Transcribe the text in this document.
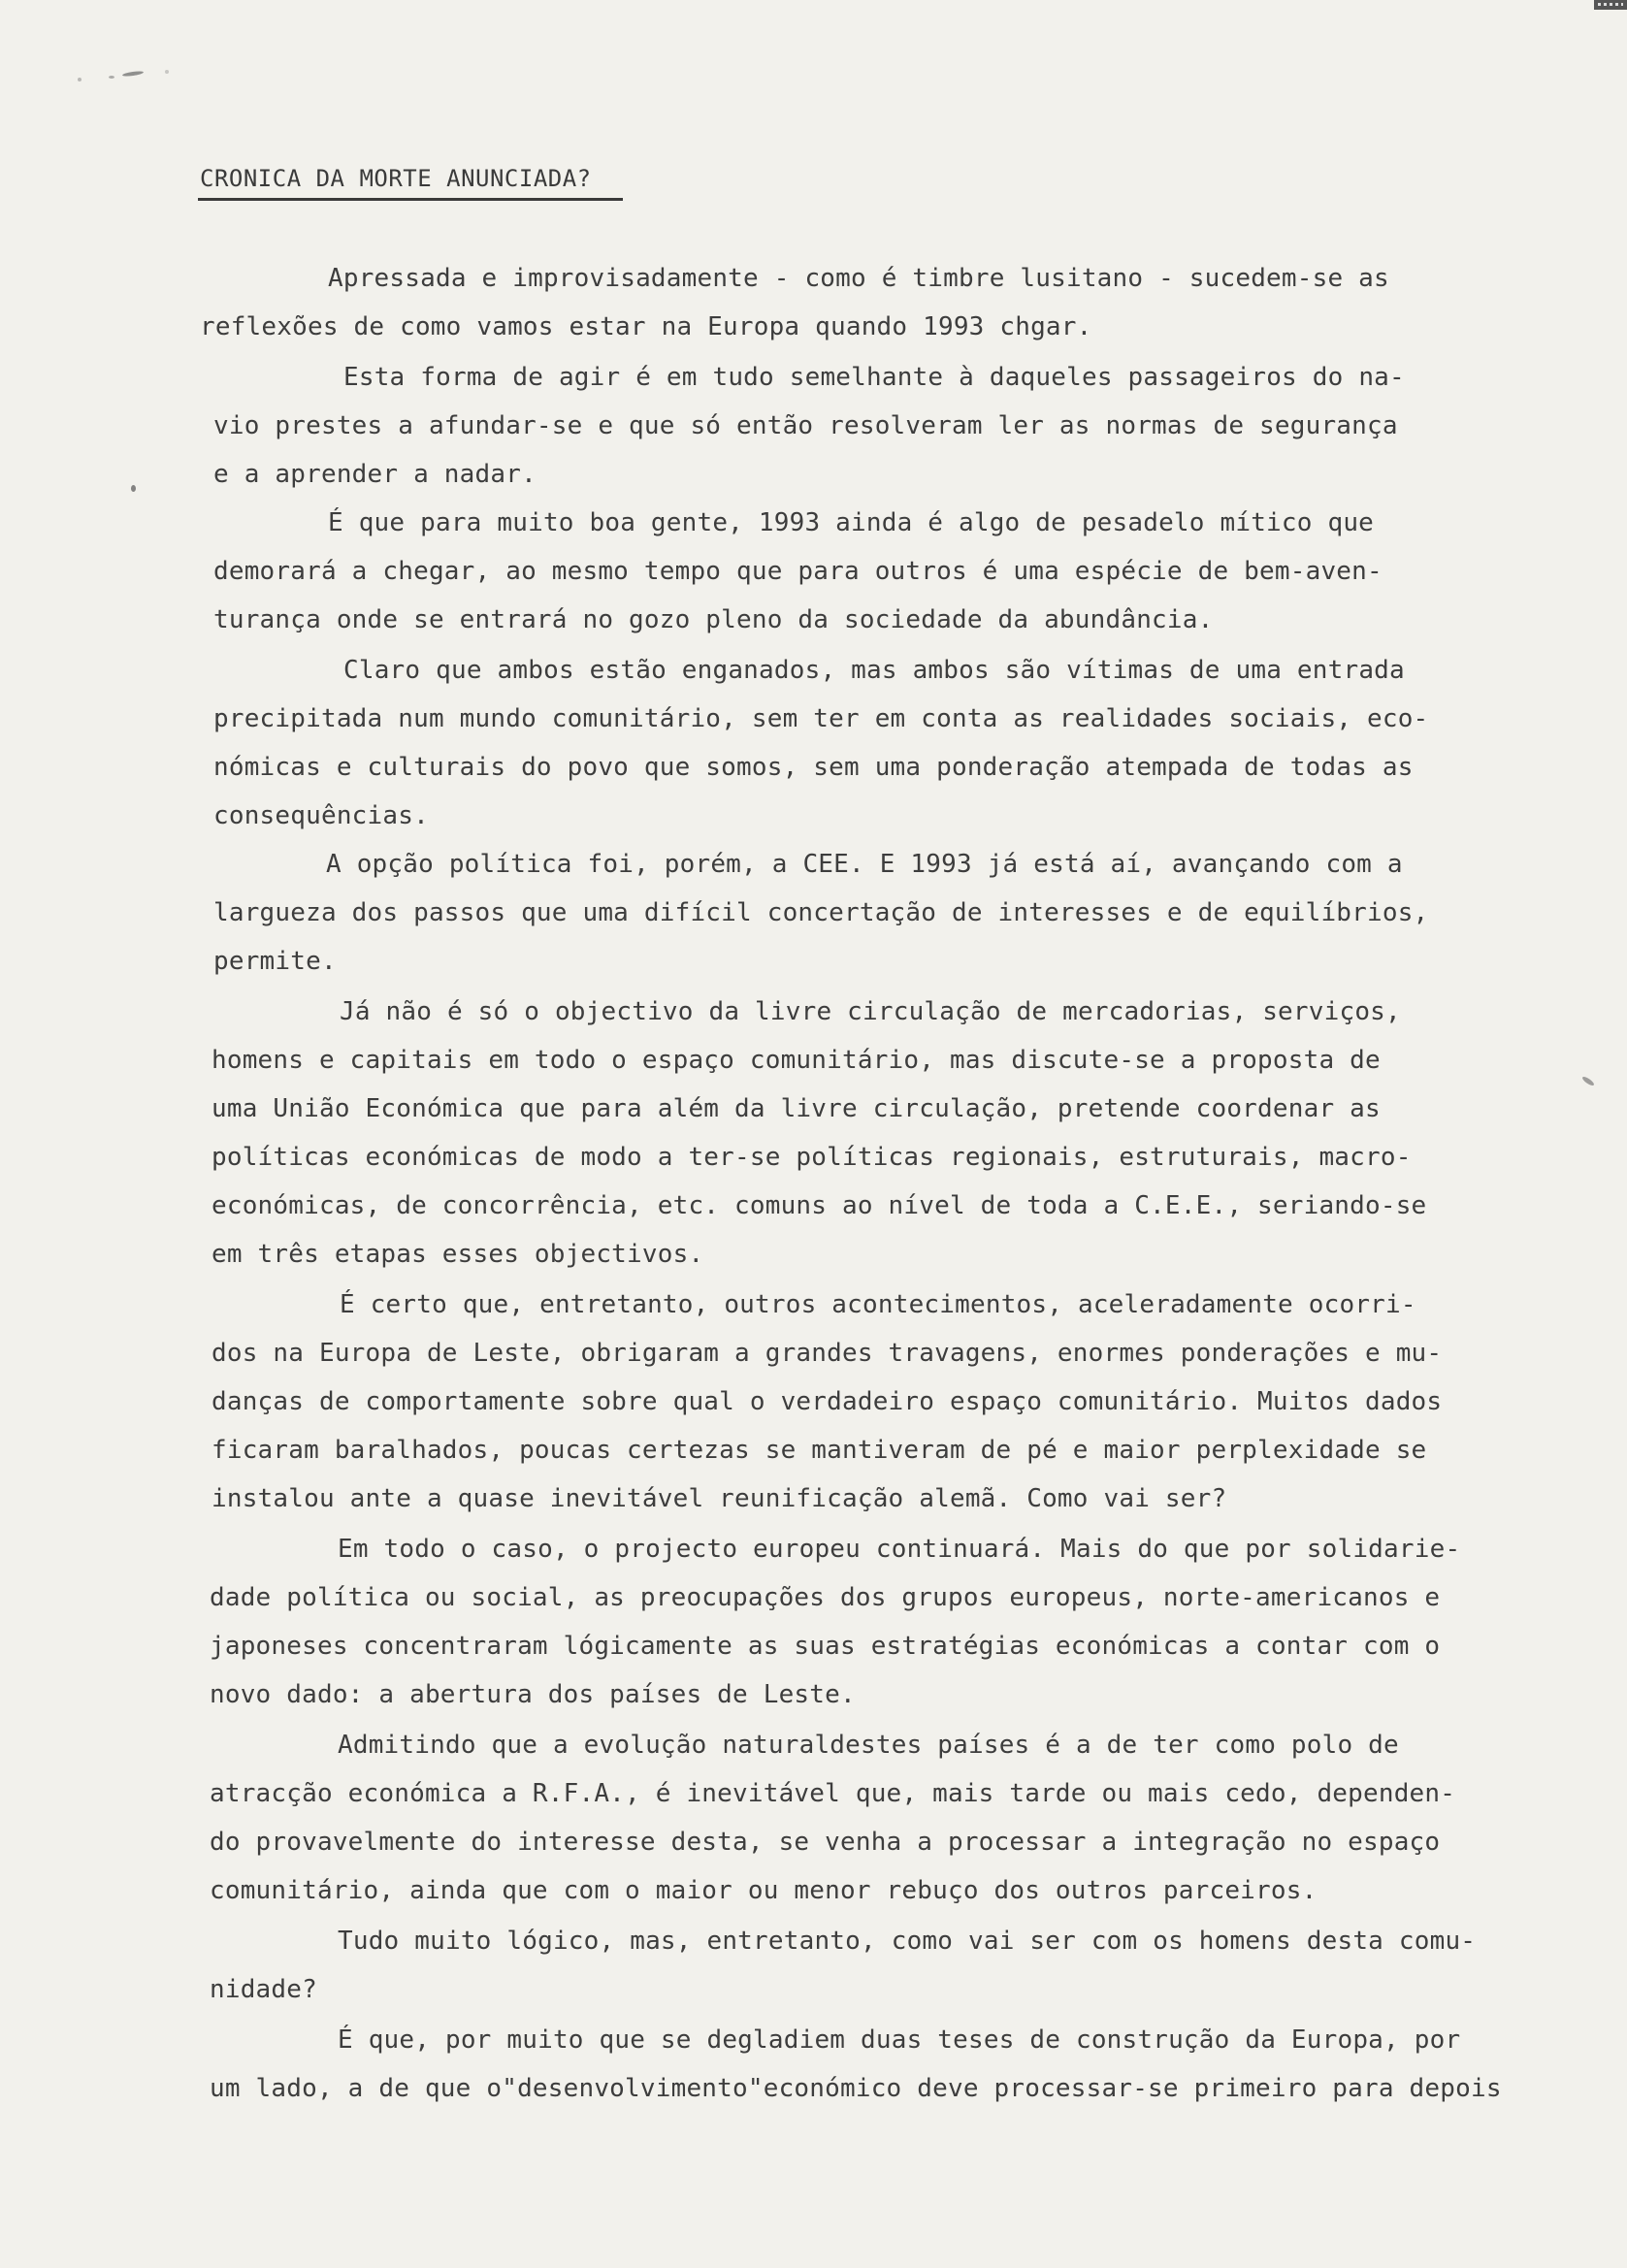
CRONICA DA MORTE ANUNCIADA?
Apressada e improvisadamente - como é timbre lusitano - sucedem-se as
reflexões de como vamos estar na Europa quando 1993 chgar.
Esta forma de agir é em tudo semelhante à daqueles passageiros do na-
vio prestes a afundar-se e que só então resolveram ler as normas de segurança
e a aprender a nadar.
É que para muito boa gente, 1993 ainda é algo de pesadelo mítico que
demorará a chegar, ao mesmo tempo que para outros é uma espécie de bem-aven-
turança onde se entrará no gozo pleno da sociedade da abundância.
Claro que ambos estão enganados, mas ambos são vítimas de uma entrada
precipitada num mundo comunitário, sem ter em conta as realidades sociais, eco-
nómicas e culturais do povo que somos, sem uma ponderação atempada de todas as
consequências.
A opção política foi, porém, a CEE. E 1993 já está aí, avançando com a
largueza dos passos que uma difícil concertação de interesses e de equilíbrios,
permite.
Já não é só o objectivo da livre circulação de mercadorias, serviços,
homens e capitais em todo o espaço comunitário, mas discute-se a proposta de
uma União Económica que para além da livre circulação, pretende coordenar as
políticas económicas de modo a ter-se políticas regionais, estruturais, macro-
económicas, de concorrência, etc. comuns ao nível de toda a C.E.E., seriando-se
em três etapas esses objectivos.
É certo que, entretanto, outros acontecimentos, aceleradamente ocorri-
dos na Europa de Leste, obrigaram a grandes travagens, enormes ponderações e mu-
danças de comportamente sobre qual o verdadeiro espaço comunitário. Muitos dados
ficaram baralhados, poucas certezas se mantiveram de pé e maior perplexidade se
instalou ante a quase inevitável reunificação alemã. Como vai ser?
Em todo o caso, o projecto europeu continuará. Mais do que por solidarie-
dade política ou social, as preocupações dos grupos europeus, norte-americanos e
japoneses concentraram lógicamente as suas estratégias económicas a contar com o
novo dado: a abertura dos países de Leste.
Admitindo que a evolução naturaldestes países é a de ter como polo de
atracção económica a R.F.A., é inevitável que, mais tarde ou mais cedo, dependen-
do provavelmente do interesse desta, se venha a processar a integração no espaço
comunitário, ainda que com o maior ou menor rebuço dos outros parceiros.
Tudo muito lógico, mas, entretanto, como vai ser com os homens desta comu-
nidade?
É que, por muito que se degladiem duas teses de construção da Europa, por
um lado, a de que o"desenvolvimento"económico deve processar-se primeiro para depois
